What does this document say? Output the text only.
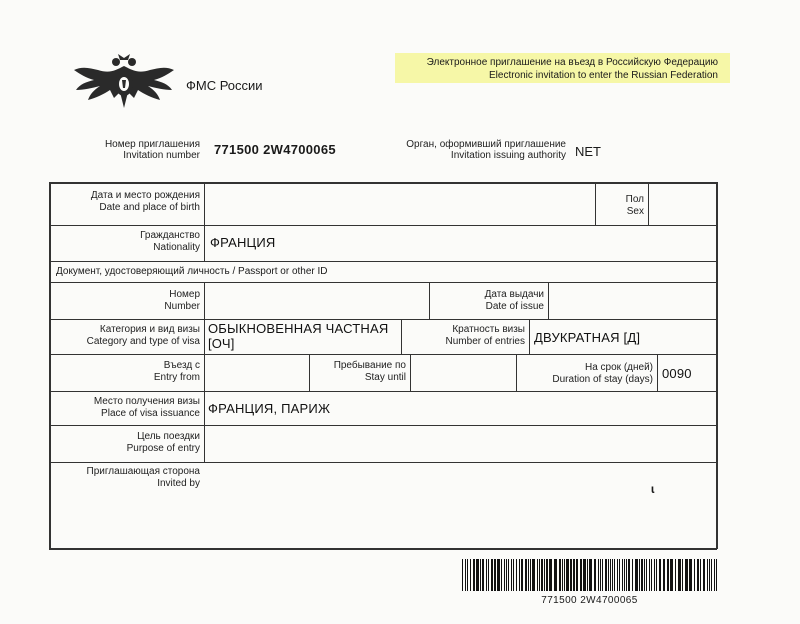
ФМС России
Электронное приглашение на въезд в Российскую Федерацию
Electronic invitation to enter the Russian Federation
Номер приглашения
Invitation number 771500 2W4700065	Орган, оформивший приглашение
Invitation issuing authority NET
Дата и место рождения
Date and place of birth
Пол
Sex
Гражданство
Nationality ФРАНЦИЯ
Документ, удостоверяющий личность / Passport or other ID
Номер
Number
Дата выдачи
Date of issue
Категория и вид визы
Category and type of visa
ОБЫКНОВЕННАЯ ЧАСТНАЯ
[ОЧ]
Кратность визы
Number of entries ДВУКРАТНАЯ [Д]
Въезд с
Entry from
Пребывание по
Stay until
На срок (дней)
Duration of stay (days) 0090
Место получения визы
Place of visa issuance ФРАНЦИЯ, ПАРИЖ
Цель поездки
Purpose of entry
Приглашающая сторона
Invited by	ɩ
771500 2W4700065
